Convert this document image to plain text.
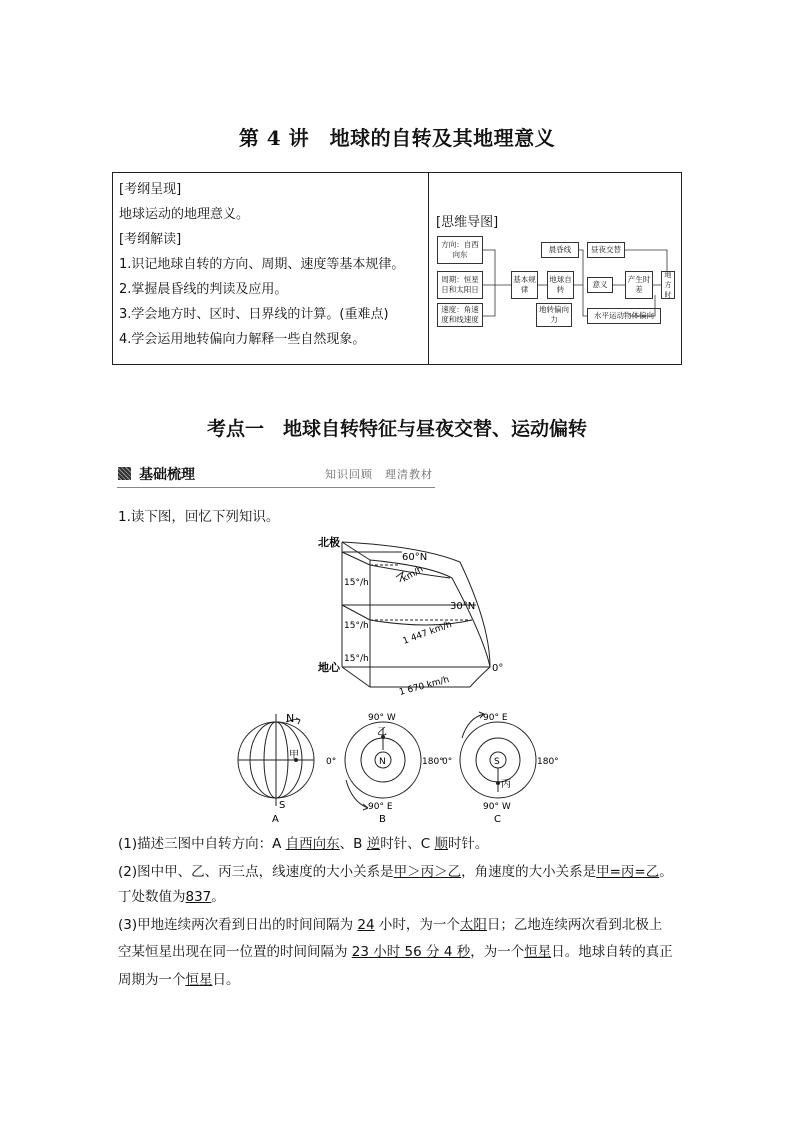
第 4 讲　地球的自转及其地理意义
[考纲呈现]
地球运动的地理意义。
[考纲解读]
1.识记地球自转的方向、周期、速度等基本规律。
2.掌握晨昏线的判读及应用。
3.学会地方时、区时、日界线的计算。(重难点)
4.学会运用地转偏向力解释一些自然现象。
[思维导图]
方向：自西向东
周期：恒星日和太阳日
速度：角速度和线速度
基本规律
地球自转
晨昏线	昼夜交替
意义
产生时差
地方时
地转偏向力	水平运动物体偏向
考点一　地球自转特征与昼夜交替、运动偏转
基础梳理	知识回顾　理清教材
1.读下图，回忆下列知识。
北极
地心
60°N
30°N
0°
15°/h
15°/h
15°/h
km/h
1 447 km/h
1 670 km/h
N
S
甲
A
90° W
90° E
0°	180°
N
乙
B
90° E
90° W
0°	180°
S
丙
C
(1)描述三图中自转方向：A 自西向东、B 逆时针、C 顺时针。
(2)图中甲、乙、丙三点，线速度的大小关系是甲＞丙＞乙，角速度的大小关系是甲=丙=乙。
丁处数值为837。
(3)甲地连续两次看到日出的时间间隔为 24 小时，为一个太阳日；乙地连续两次看到北极上
空某恒星出现在同一位置的时间间隔为 23 小时 56 分 4 秒，为一个恒星日。地球自转的真正
周期为一个恒星日。
